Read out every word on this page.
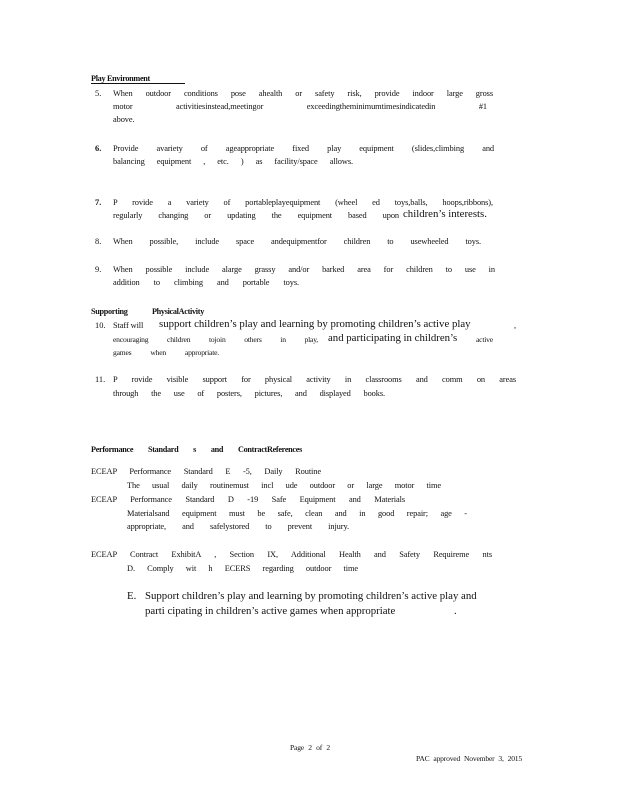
Play Environment
5. When outdoor conditions pose ahealth or safety risk, provide indoor large gross
motor activitiesinstead,meetingor exceedingtheminimumtimesindicatedin #1
above.
6. Provide avariety of ageappropriate fixed play equipment (slides,climbing and
balancing equipment , etc. ) as facility/space allows.
7. P rovide a variety of portableplayequipment (wheel ed toys,balls, hoops,ribbons),
regularly changing or updating the equipment based upon children’s interests.
8. When possible, include space andequipmentfor children to usewheeled toys.
9. When possible include alarge grassy and/or barked area for children to use in
addition to climbing and portable toys.
Supporting PhysicalActivity
10. Staff will support children’s play and learning by promoting children’s active play	,
encouraging children tojoin others in play, and participating in children’s active
games when appropriate.
11. P rovide visible support for physical activity in classrooms and comm on areas
through the use of posters, pictures, and displayed books.
Performance Standard s and ContractReferences
ECEAP Performance Standard E -5, Daily Routine
The usual daily routinemust incl ude outdoor or large motor time
ECEAP Performance Standard D -19 Safe Equipment and Materials
Materialsand equipment must be safe, clean and in good repair; age -
appropriate, and safelystored to prevent injury.
ECEAP Contract ExhibitA , Section IX, Additional Health and Safety Requireme nts
D. Comply wit h ECERS regarding outdoor time
E. Support children’s play and learning by promoting children’s active play and
parti cipating in children’s active games when appropriate	.
Page 2 of 2
PAC approved November 3, 2015
